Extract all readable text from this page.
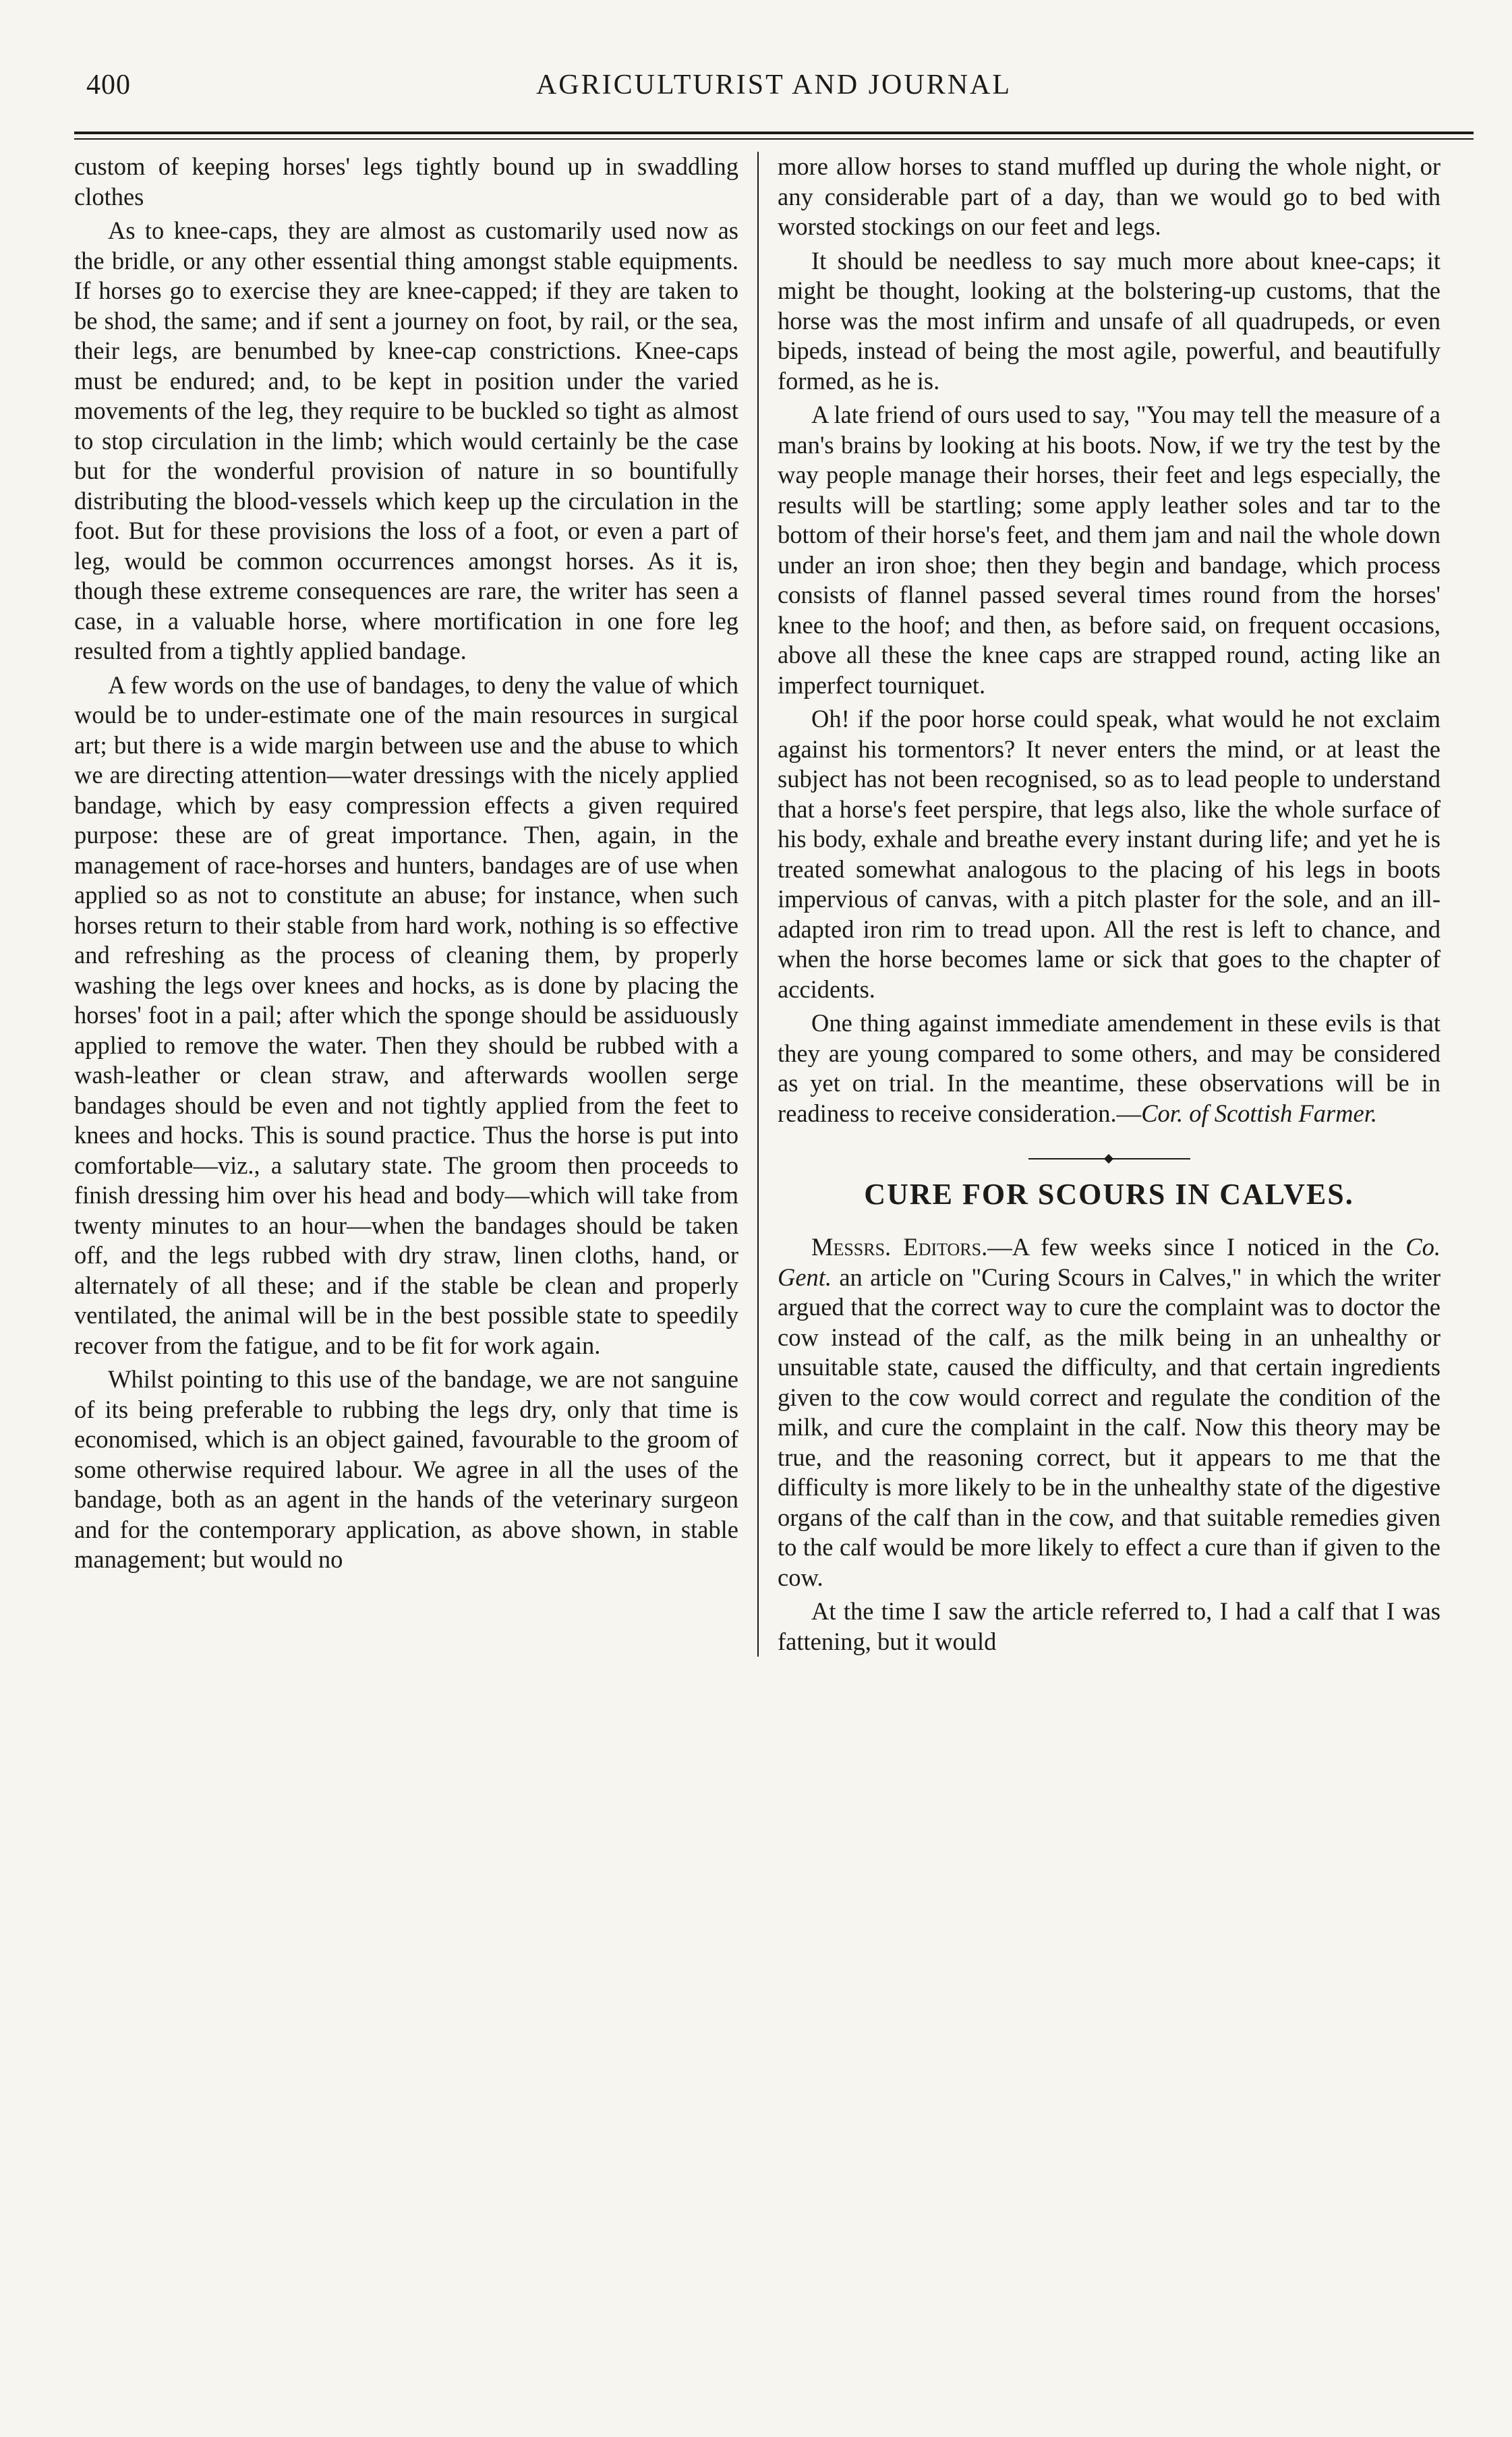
400	AGRICULTURIST AND JOURNAL

custom of keeping horses' legs tightly bound up in swaddling clothes

As to knee-caps, they are almost as customarily used now as the bridle, or any other essential thing amongst stable equipments. If horses go to exercise they are knee-capped; if they are taken to be shod, the same; and if sent a journey on foot, by rail, or the sea, their legs, are benumbed by knee-cap constrictions. Knee-caps must be endured; and, to be kept in position under the varied movements of the leg, they require to be buckled so tight as almost to stop circulation in the limb; which would certainly be the case but for the wonderful provision of nature in so bountifully distributing the blood-vessels which keep up the circulation in the foot. But for these provisions the loss of a foot, or even a part of leg, would be common occurrences amongst horses. As it is, though these extreme consequences are rare, the writer has seen a case, in a valuable horse, where mortification in one fore leg resulted from a tightly applied bandage.

A few words on the use of bandages, to deny the value of which would be to under-estimate one of the main resources in surgical art; but there is a wide margin between use and the abuse to which we are directing attention—water dressings with the nicely applied bandage, which by easy compression effects a given required purpose: these are of great importance. Then, again, in the management of race-horses and hunters, bandages are of use when applied so as not to constitute an abuse; for instance, when such horses return to their stable from hard work, nothing is so effective and refreshing as the process of cleaning them, by properly washing the legs over knees and hocks, as is done by placing the horses' foot in a pail; after which the sponge should be assiduously applied to remove the water. Then they should be rubbed with a wash-leather or clean straw, and afterwards woollen serge bandages should be even and not tightly applied from the feet to knees and hocks. This is sound practice. Thus the horse is put into comfortable—viz., a salutary state. The groom then proceeds to finish dressing him over his head and body—which will take from twenty minutes to an hour—when the bandages should be taken off, and the legs rubbed with dry straw, linen cloths, hand, or alternately of all these; and if the stable be clean and properly ventilated, the animal will be in the best possible state to speedily recover from the fatigue, and to be fit for work again.

Whilst pointing to this use of the bandage, we are not sanguine of its being preferable to rubbing the legs dry, only that time is economised, which is an object gained, favourable to the groom of some otherwise required labour. We agree in all the uses of the bandage, both as an agent in the hands of the veterinary surgeon and for the contemporary application, as above shown, in stable management; but would no

more allow horses to stand muffled up during the whole night, or any considerable part of a day, than we would go to bed with worsted stockings on our feet and legs.

It should be needless to say much more about knee-caps; it might be thought, looking at the bolstering-up customs, that the horse was the most infirm and unsafe of all quadrupeds, or even bipeds, instead of being the most agile, powerful, and beautifully formed, as he is.

A late friend of ours used to say, "You may tell the measure of a man's brains by looking at his boots. Now, if we try the test by the way people manage their horses, their feet and legs especially, the results will be startling; some apply leather soles and tar to the bottom of their horse's feet, and them jam and nail the whole down under an iron shoe; then they begin and bandage, which process consists of flannel passed several times round from the horses' knee to the hoof; and then, as before said, on frequent occasions, above all these the knee caps are strapped round, acting like an imperfect tourniquet.

Oh! if the poor horse could speak, what would he not exclaim against his tormentors? It never enters the mind, or at least the subject has not been recognised, so as to lead people to understand that a horse's feet perspire, that legs also, like the whole surface of his body, exhale and breathe every instant during life; and yet he is treated somewhat analogous to the placing of his legs in boots impervious of canvas, with a pitch plaster for the sole, and an ill-adapted iron rim to tread upon. All the rest is left to chance, and when the horse becomes lame or sick that goes to the chapter of accidents.

One thing against immediate amendement in these evils is that they are young compared to some others, and may be considered as yet on trial. In the meantime, these observations will be in readiness to receive consideration.—Cor. of Scottish Farmer.

CURE FOR SCOURS IN CALVES.

Messrs. Editors.—A few weeks since I noticed in the Co. Gent. an article on "Curing Scours in Calves," in which the writer argued that the correct way to cure the complaint was to doctor the cow instead of the calf, as the milk being in an unhealthy or unsuitable state, caused the difficulty, and that certain ingredients given to the cow would correct and regulate the condition of the milk, and cure the complaint in the calf. Now this theory may be true, and the reasoning correct, but it appears to me that the difficulty is more likely to be in the unhealthy state of the digestive organs of the calf than in the cow, and that suitable remedies given to the calf would be more likely to effect a cure than if given to the cow.

At the time I saw the article referred to, I had a calf that I was fattening, but it would
